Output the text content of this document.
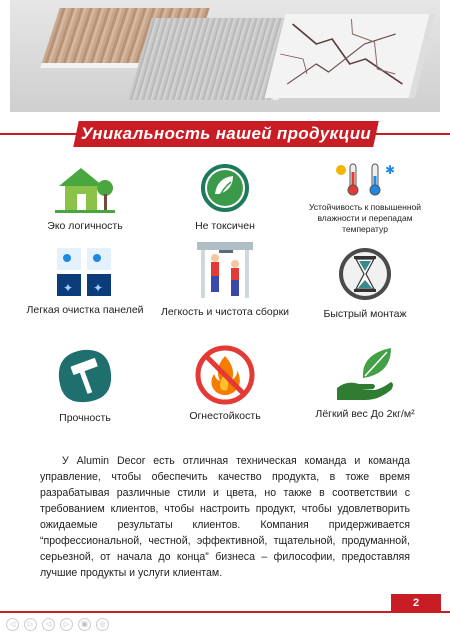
Уникальность нашей продукции
Эко логичность	Не токсичен
✱
Устойчивость к повышенной влажности и перепадам температур
✦ ✦
Легкая очистка панелей	Легкость и чистота сборки	Быстрый монтаж
Прочность	Огнестойкость	Лёгкий вес До 2кг/м²

У Alumin Decor есть отличная техническая команда и команда управление, чтобы обеспечить качество продукта, в тоже время разрабатывая различные стили и цвета, но также в соответствии с требованием клиентов, чтобы настроить продукт, чтобы удовлетворить ожидаемые результаты клиентов. Компания придерживается “профессиональной, честной, эффективной, тщательной, продуманной, серьезной, от начала до конца” бизнеса – философии, предоставляя лучшие продукты и услуги клиентам.

2
◁	▷	◁	▷	▣	◎
